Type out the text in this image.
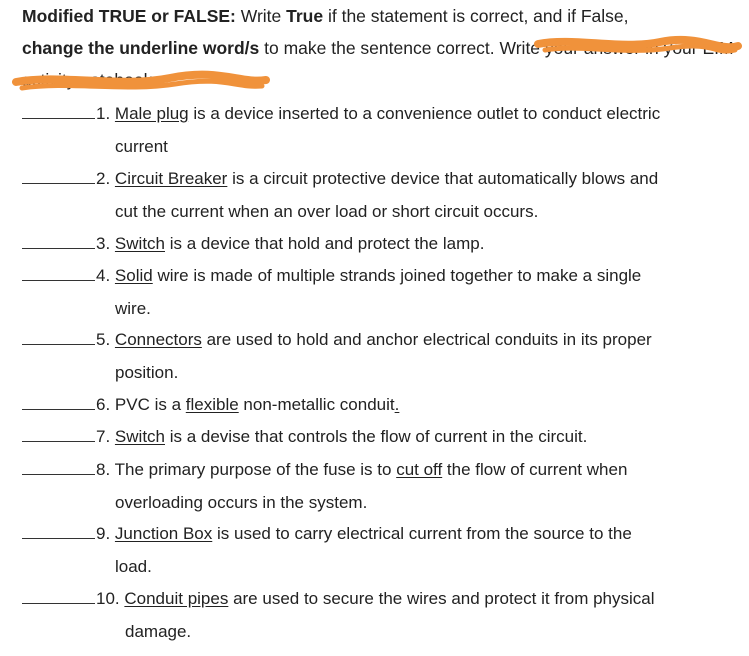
Modified TRUE or FALSE: Write True if the statement is correct, and if False,
change the underline word/s to make the sentence correct. Write your answer in your EIM activity notebook.
1. Male plug is a device inserted to a convenience outlet to conduct electric
current
2. Circuit Breaker is a circuit protective device that automatically blows and
cut the current when an over load or short circuit occurs.
3. Switch is a device that hold and protect the lamp.
4. Solid wire is made of multiple strands joined together to make a single
wire.
5. Connectors are used to hold and anchor electrical conduits in its proper
position.
6. PVC is a flexible non-metallic conduit.
7. Switch is a devise that controls the flow of current in the circuit.
8. The primary purpose of the fuse is to cut off the flow of current when
overloading occurs in the system.
9. Junction Box is used to carry electrical current from the source to the
load.
10. Conduit pipes are used to secure the wires and protect it from physical
damage.
